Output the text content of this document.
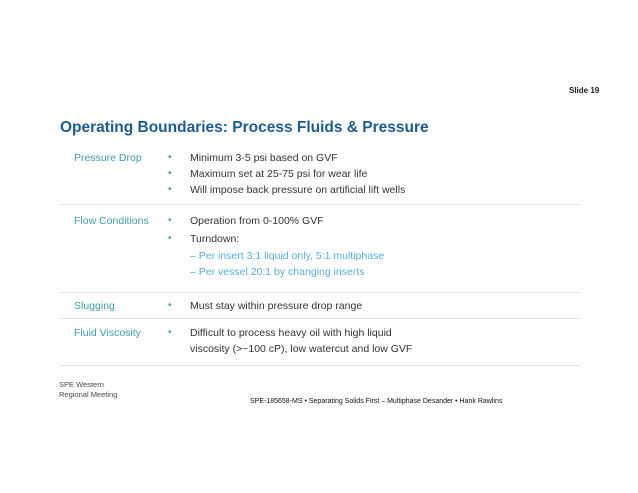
Slide 19
Operating Boundaries: Process Fluids & Pressure
Pressure Drop	• Minimum 3-5 psi based on GVF
• Maximum set at 25-75 psi for wear life
• Will impose back pressure on artificial lift wells
Flow Conditions • Operation from 0-100% GVF
• Turndown:
– Per insert 3:1 liquid only, 5:1 multiphase
– Per vessel 20:1 by changing inserts
Slugging	• Must stay within pressure drop range
Fluid Viscosity	• Difficult to process heavy oil with high liquid
viscosity (>~100 cP), low watercut and low GVF
SPE Western
Regional Meeting
SPE-185658-MS • Separating Solids First – Multiphase Desander • Hank Rawlins
